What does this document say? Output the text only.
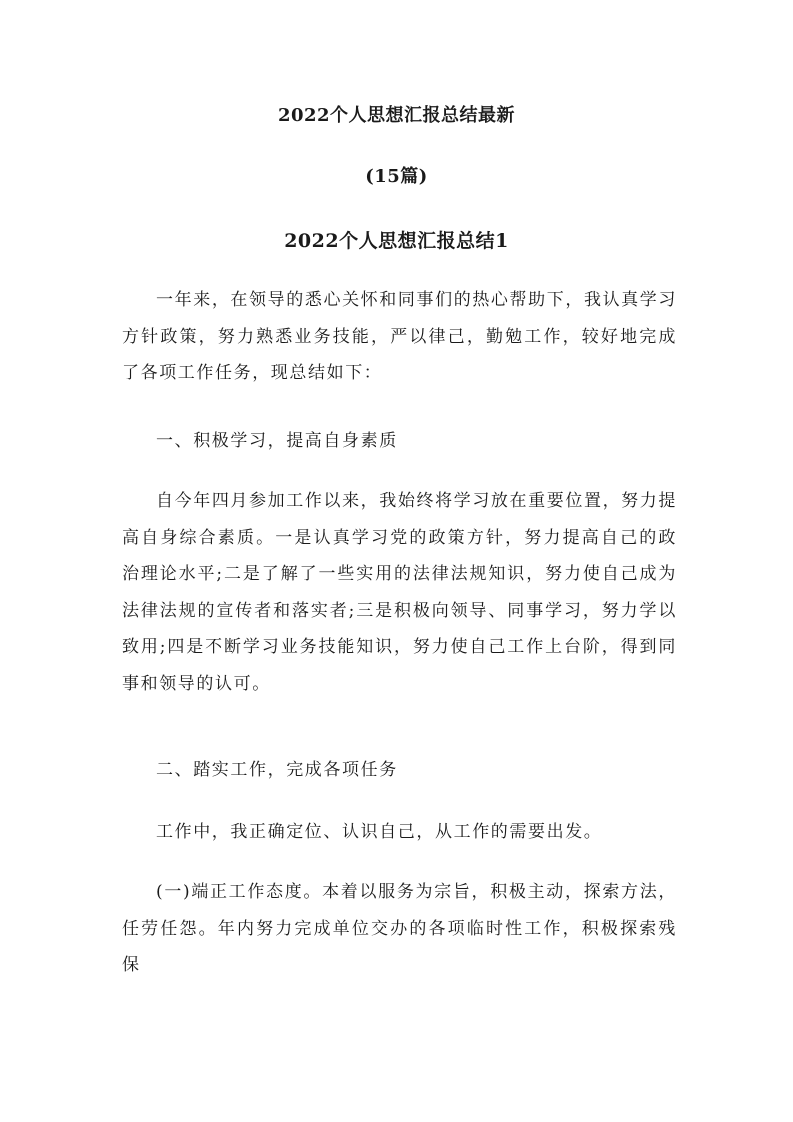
2022个人思想汇报总结最新
(15篇)
2022个人思想汇报总结1
一年来，在领导的悉心关怀和同事们的热心帮助下，我认真学习方针政策，努力熟悉业务技能，严以律己，勤勉工作，较好地完成了各项工作任务，现总结如下：
一、积极学习，提高自身素质
自今年四月参加工作以来，我始终将学习放在重要位置，努力提高自身综合素质。一是认真学习党的政策方针，努力提高自己的政治理论水平;二是了解了一些实用的法律法规知识，努力使自己成为法律法规的宣传者和落实者;三是积极向领导、同事学习，努力学以致用;四是不断学习业务技能知识，努力使自己工作上台阶，得到同事和领导的认可。
二、踏实工作，完成各项任务
工作中，我正确定位、认识自己，从工作的需要出发。
(一)端正工作态度。本着以服务为宗旨，积极主动，探索方法，任劳任怨。年内努力完成单位交办的各项临时性工作，积极探索残保
